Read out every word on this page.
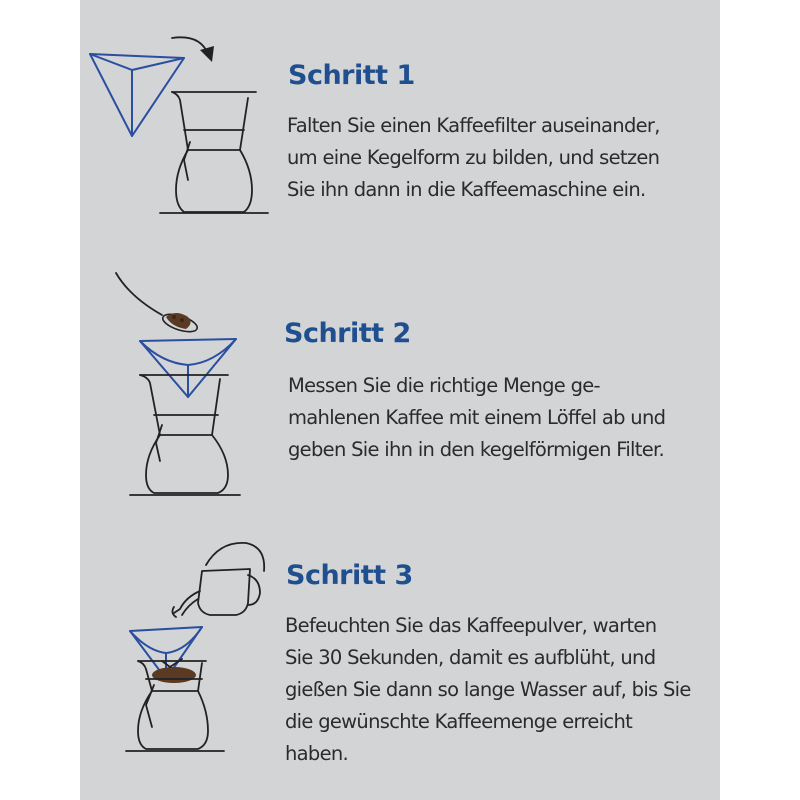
Schritt 1

Falten Sie einen Kaffeefilter auseinander,
um eine Kegelform zu bilden, und setzen
Sie ihn dann in die Kaffeemaschine ein.

Schritt 2

Messen Sie die richtige Menge ge-
mahlenen Kaffee mit einem Löffel ab und
geben Sie ihn in den kegelförmigen Filter.

Schritt 3

Befeuchten Sie das Kaffeepulver, warten
Sie 30 Sekunden, damit es aufblüht, und
gießen Sie dann so lange Wasser auf, bis Sie
die gewünschte Kaffeemenge erreicht
haben.
